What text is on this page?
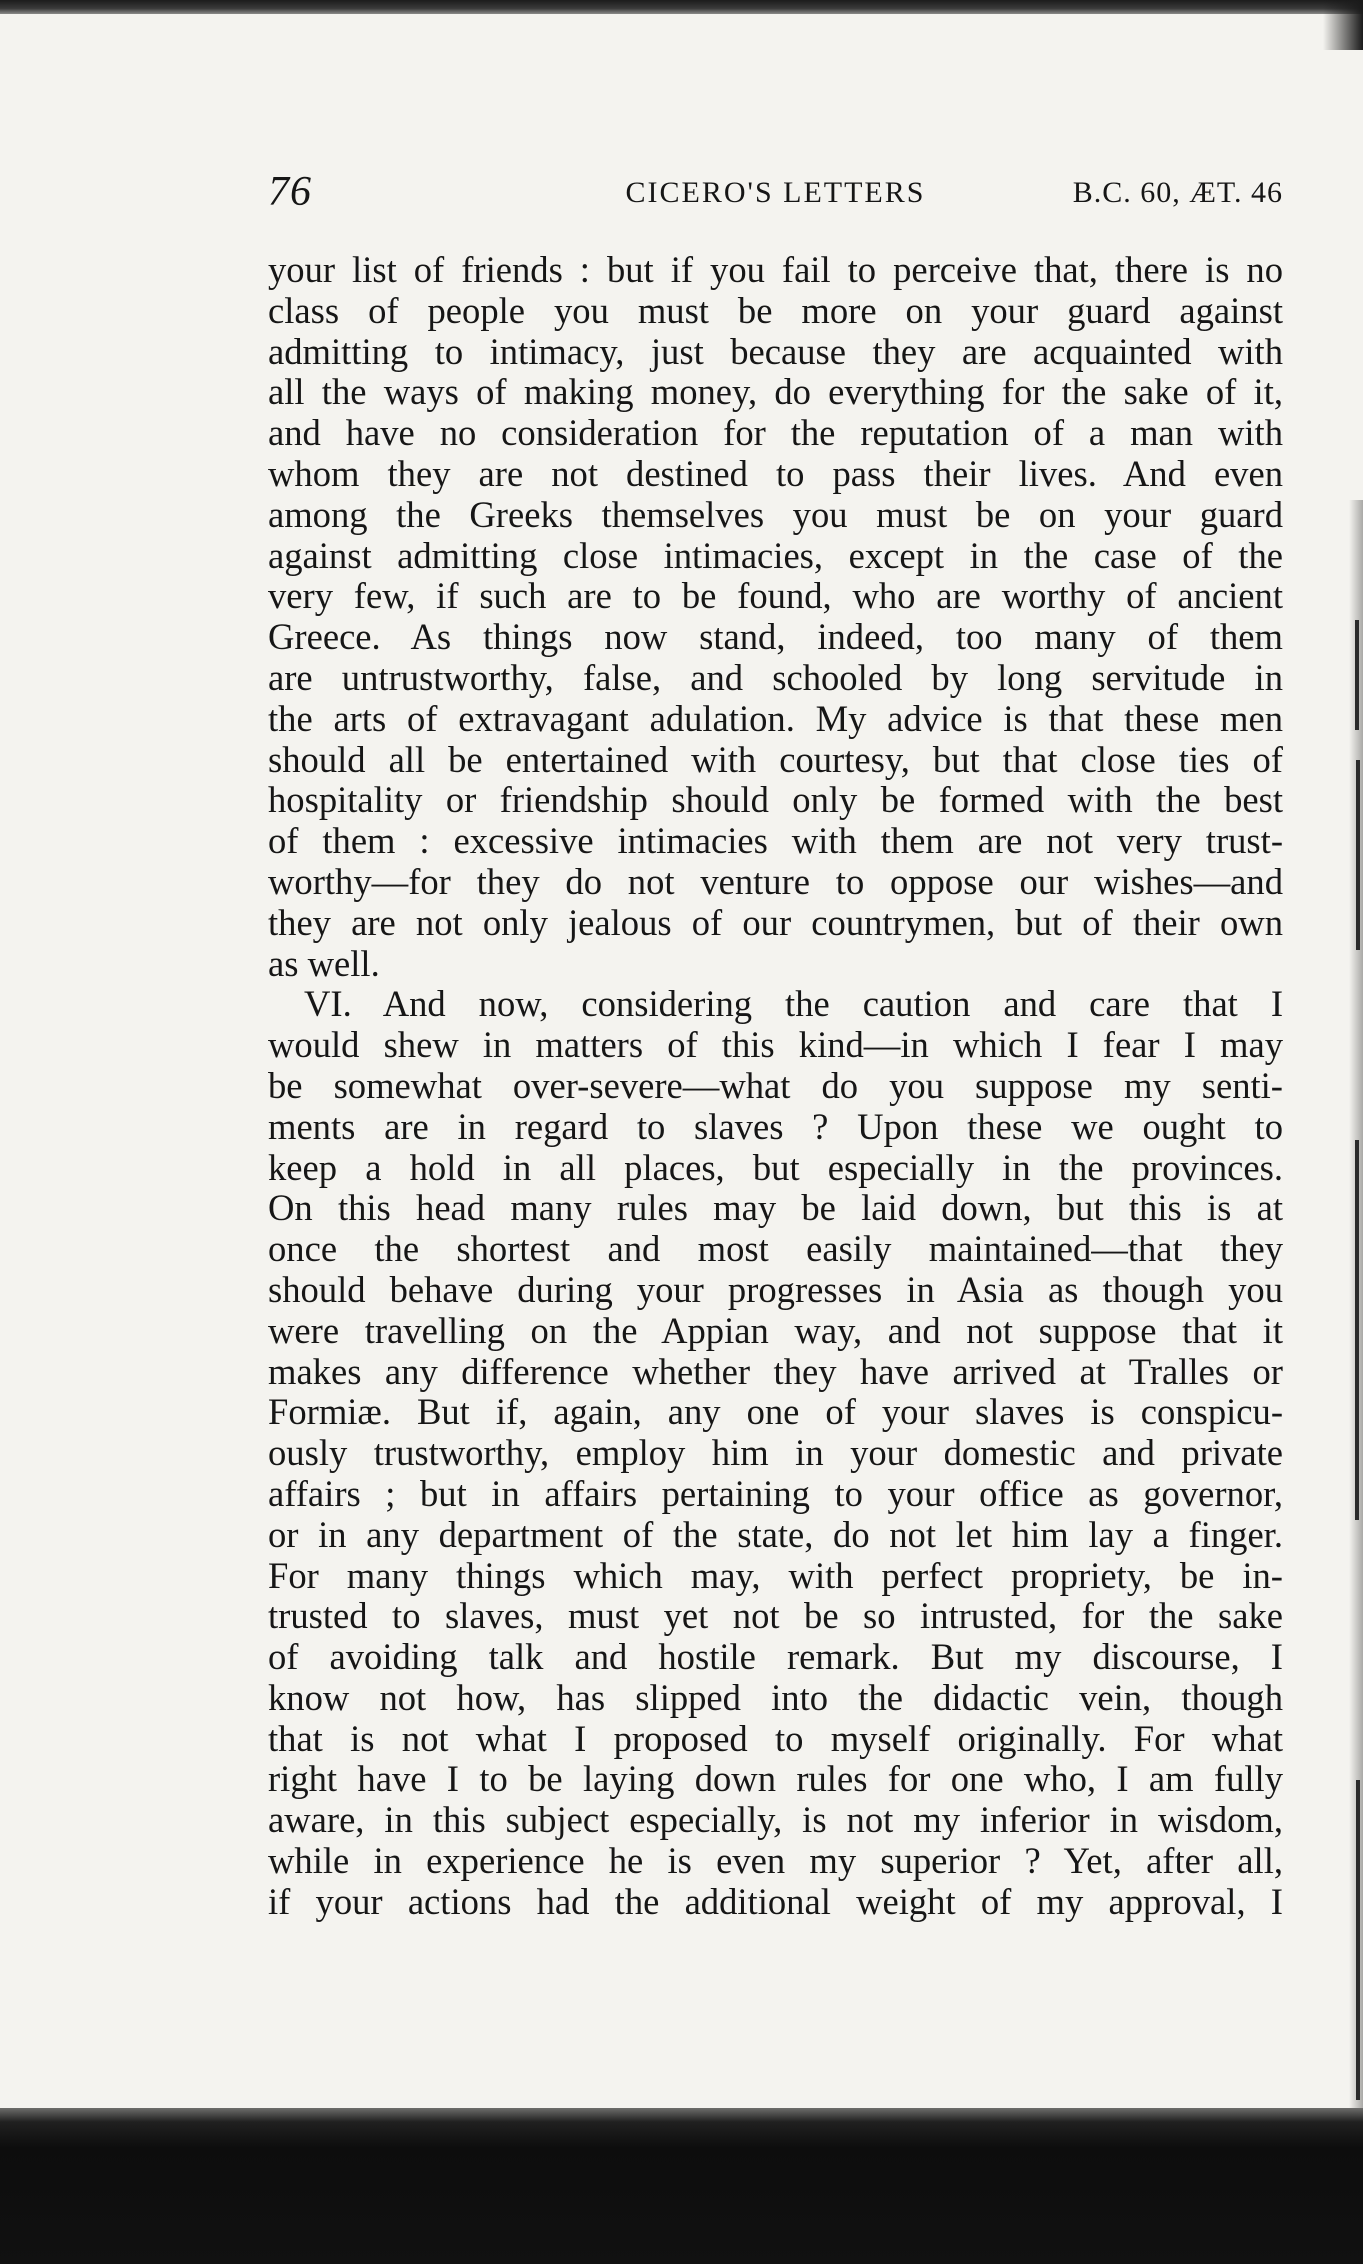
76	CICERO'S LETTERS	B.C. 60, ÆT. 46
your list of friends : but if you fail to perceive that, there is no
class of people you must be more on your guard against
admitting to intimacy, just because they are acquainted with
all the ways of making money, do everything for the sake of it,
and have no consideration for the reputation of a man with
whom they are not destined to pass their lives. And even
among the Greeks themselves you must be on your guard
against admitting close intimacies, except in the case of the
very few, if such are to be found, who are worthy of ancient
Greece. As things now stand, indeed, too many of them
are untrustworthy, false, and schooled by long servitude in
the arts of extravagant adulation. My advice is that these men
should all be entertained with courtesy, but that close ties of
hospitality or friendship should only be formed with the best
of them : excessive intimacies with them are not very trust-
worthy—for they do not venture to oppose our wishes—and
they are not only jealous of our countrymen, but of their own
as well.
VI. And now, considering the caution and care that I
would shew in matters of this kind—in which I fear I may
be somewhat over-severe—what do you suppose my senti-
ments are in regard to slaves ? Upon these we ought to
keep a hold in all places, but especially in the provinces.
On this head many rules may be laid down, but this is at
once the shortest and most easily maintained—that they
should behave during your progresses in Asia as though you
were travelling on the Appian way, and not suppose that it
makes any difference whether they have arrived at Tralles or
Formiæ. But if, again, any one of your slaves is conspicu-
ously trustworthy, employ him in your domestic and private
affairs ; but in affairs pertaining to your office as governor,
or in any department of the state, do not let him lay a finger.
For many things which may, with perfect propriety, be in-
trusted to slaves, must yet not be so intrusted, for the sake
of avoiding talk and hostile remark. But my discourse, I
know not how, has slipped into the didactic vein, though
that is not what I proposed to myself originally. For what
right have I to be laying down rules for one who, I am fully
aware, in this subject especially, is not my inferior in wisdom,
while in experience he is even my superior ? Yet, after all,
if your actions had the additional weight of my approval, I
